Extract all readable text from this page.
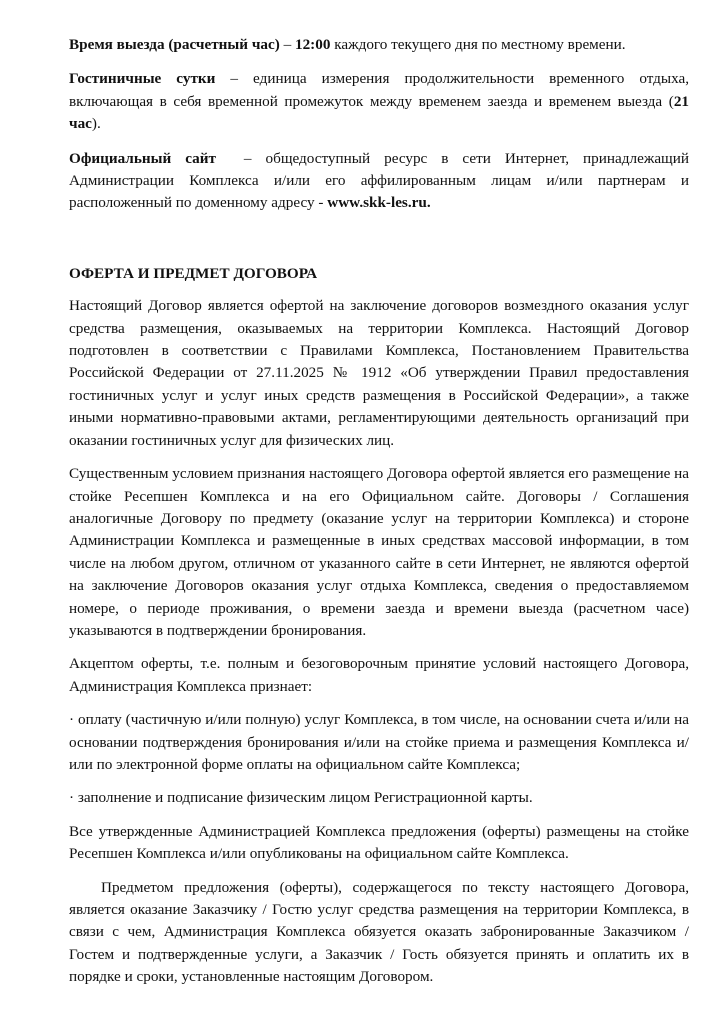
Время выезда (расчетный час) – 12:00 каждого текущего дня по местному времени.

Гостиничные сутки – единица измерения продолжительности временного отдыха, включающая в себя временной промежуток между временем заезда и временем выезда (21 час).

Официальный сайт  – общедоступный ресурс в сети Интернет, принадлежащий Администрации Комплекса и/или его аффилированным лицам и/или партнерам и расположенный по доменному адресу - www.skk-les.ru.

ОФЕРТА И ПРЕДМЕТ ДОГОВОРА

Настоящий Договор является офертой на заключение договоров возмездного оказания услуг средства размещения, оказываемых на территории Комплекса. Настоящий Договор подготовлен в соответствии с Правилами Комплекса, Постановлением Правительства Российской Федерации от 27.11.2025 № 1912 «Об утверждении Правил предоставления гостиничных услуг и услуг иных средств размещения в Российской Федерации», а также иными нормативно-правовыми актами, регламентирующими деятельность организаций при оказании гостиничных услуг для физических лиц.

Существенным условием признания настоящего Договора офертой является его размещение на стойке Ресепшен Комплекса и на его Официальном сайте. Договоры / Соглашения аналогичные Договору по предмету (оказание услуг на территории Комплекса) и стороне Администрации Комплекса и размещенные в иных средствах массовой информации, в том числе на любом другом, отличном от указанного сайте в сети Интернет, не являются офертой на заключение Договоров оказания услуг отдыха Комплекса, сведения о предоставляемом номере, о периоде проживания, о времени заезда и времени выезда (расчетном часе) указываются в подтверждении бронирования.

Акцептом оферты, т.е. полным и безоговорочным принятие условий настоящего Договора, Администрация Комплекса признает:

· оплату (частичную и/или полную) услуг Комплекса, в том числе, на основании счета и/или на основании подтверждения бронирования и/или на стойке приема и размещения Комплекса и/или по электронной форме оплаты на официальном сайте Комплекса;

· заполнение и подписание физическим лицом Регистрационной карты.

Все утвержденные Администрацией Комплекса предложения (оферты) размещены на стойке Ресепшен Комплекса и/или опубликованы на официальном сайте Комплекса.

Предметом предложения (оферты), содержащегося по тексту настоящего Договора, является оказание Заказчику / Гостю услуг средства размещения на территории Комплекса, в связи с чем, Администрация Комплекса обязуется оказать забронированные Заказчиком / Гостем и подтвержденные услуги, а Заказчик / Гость обязуется принять и оплатить их в порядке и сроки, установленные настоящим Договором.
